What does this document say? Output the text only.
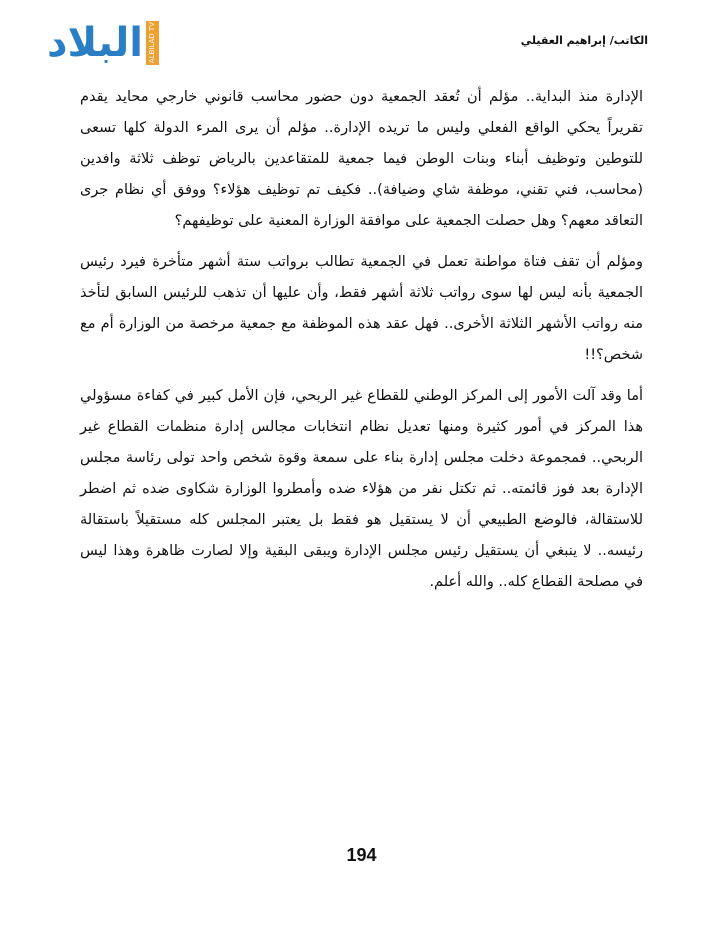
البلاد ALBILAD TV	الكاتب/ إبراهيم العقيلي

الإدارة منذ البداية.. مؤلم أن تُعقد الجمعية دون حضور محاسب قانوني خارجي محايد يقدم تقريراً يحكي الواقع الفعلي وليس ما تريده الإدارة.. مؤلم أن يرى المرء الدولة كلها تسعى للتوطين وتوظيف أبناء وبنات الوطن فيما جمعية للمتقاعدين بالرياض توظف ثلاثة وافدين (محاسب، فني تقني، موظفة شاي وضيافة).. فكيف تم توظيف هؤلاء؟ ووفق أي نظام جرى التعاقد معهم؟ وهل حصلت الجمعية على موافقة الوزارة المعنية على توظيفهم؟

ومؤلم أن تقف فتاة مواطنة تعمل في الجمعية تطالب برواتب ستة أشهر متأخرة فيرد رئيس الجمعية بأنه ليس لها سوى رواتب ثلاثة أشهر فقط، وأن عليها أن تذهب للرئيس السابق لتأخذ منه رواتب الأشهر الثلاثة الأخرى.. فهل عقد هذه الموظفة مع جمعية مرخصة من الوزارة أم مع شخص؟!!

أما وقد آلت الأمور إلى المركز الوطني للقطاع غير الربحي، فإن الأمل كبير في كفاءة مسؤولي هذا المركز في أمور كثيرة ومنها تعديل نظام انتخابات مجالس إدارة منظمات القطاع غير الربحي.. فمجموعة دخلت مجلس إدارة بناء على سمعة وقوة شخص واحد تولى رئاسة مجلس الإدارة بعد فوز قائمته.. ثم تكتل نفر من هؤلاء ضده وأمطروا الوزارة شكاوى ضده ثم اضطر للاستقالة، فالوضع الطبيعي أن لا يستقيل هو فقط بل يعتبر المجلس كله مستقيلاً باستقالة رئيسه.. لا ينبغي أن يستقيل رئيس مجلس الإدارة ويبقى البقية وإلا لصارت ظاهرة وهذا ليس في مصلحة القطاع كله.. والله أعلم.

194
